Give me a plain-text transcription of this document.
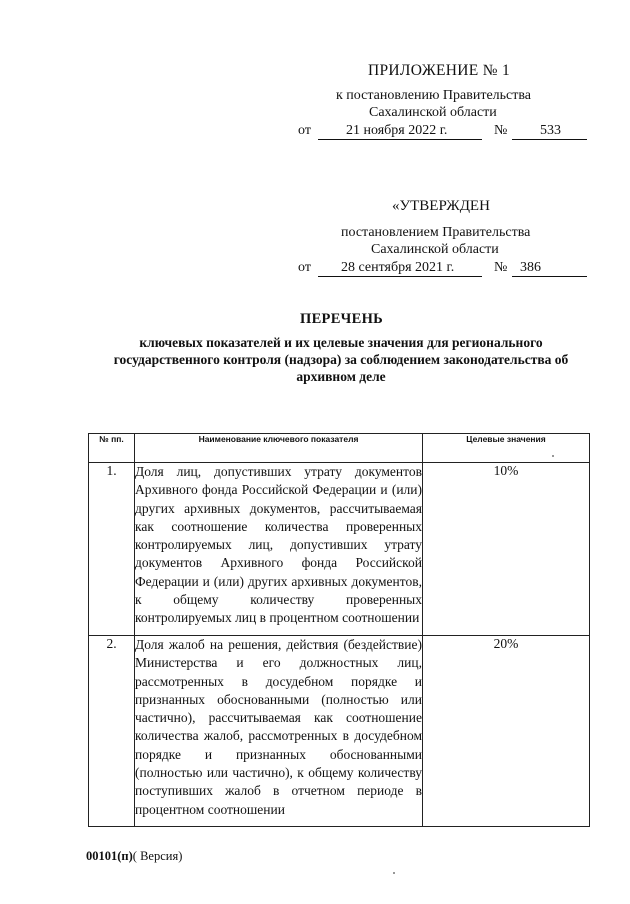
ПРИЛОЖЕНИЕ № 1
к постановлению Правительства
Сахалинской области
от	21 ноября 2022 г.	№ 533
«УТВЕРЖДЕН
постановлением Правительства
Сахалинской области
от 28 сентября 2021 г.	№ 386
ПЕРЕЧЕНЬ
ключевых показателей и их целевые значения для регионального государственного контроля (надзора) за соблюдением законодательства об архивном деле
№ пп.	Наименование ключевого показателя	Целевые значения
1.	Доля лиц, допустивших утрату документов Архивного фонда Российской Федерации и (или) других архивных документов, рассчитываемая как соотношение количества проверенных контролируемых лиц, допустивших утрату документов Архивного фонда Российской Федерации и (или) других архивных документов, к общему количеству проверенных контролируемых лиц в процентном соотношении	10%
2.	Доля жалоб на решения, действия (бездействие) Министерства и его должностных лиц, рассмотренных в досудебном порядке и признанных обоснованными (полностью или частично), рассчитываемая как соотношение количества жалоб, рассмотренных в досудебном порядке и признанных обоснованными (полностью или частично), к общему количеству поступивших жалоб в отчетном периоде в процентном соотношении	20%
00101(п)( Версия)
